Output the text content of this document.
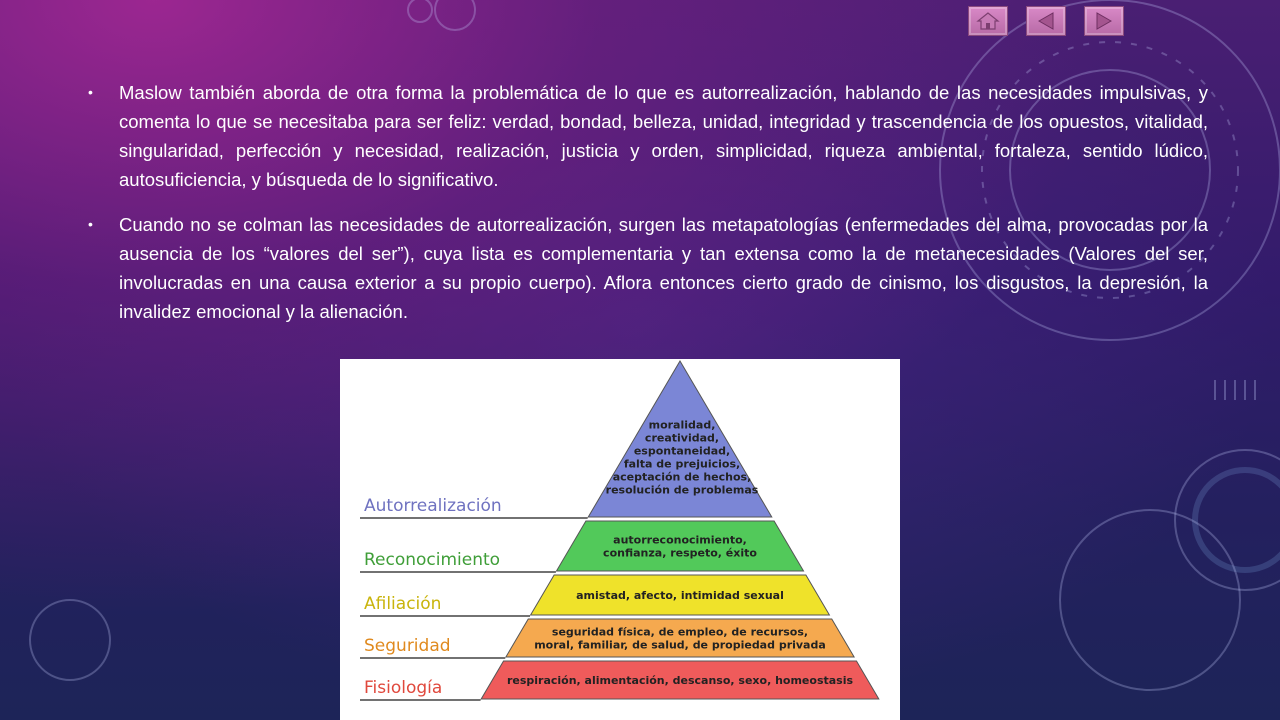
• Maslow también aborda de otra forma la problemática de lo que es autorrealización, hablando de las necesidades impulsivas, y comenta lo que se necesitaba para ser feliz: verdad, bondad, belleza, unidad, integridad y trascendencia de los opuestos, vitalidad, singularidad, perfección y necesidad, realización, justicia y orden, simplicidad, riqueza ambiental, fortaleza, sentido lúdico, autosuficiencia, y búsqueda de lo significativo.

• Cuando no se colman las necesidades de autorrealización, surgen las metapatologías (enfermedades del alma, provocadas por la ausencia de los “valores del ser”), cuya lista es complementaria y tan extensa como la de metanecesidades (Valores del ser, involucradas en una causa exterior a su propio cuerpo). Aflora entonces cierto grado de cinismo, los disgustos, la depresión, la invalidez emocional y la alienación.

Autorrealización
moralidad,
creatividad,
espontaneidad,
falta de prejuicios,
aceptación de hechos,
resolución de problemas
Reconocimiento
autorreconocimiento,
confianza, respeto, éxito
Afiliación	amistad, afecto, intimidad sexual
Seguridad
seguridad física, de empleo, de recursos,
moral, familiar, de salud, de propiedad privada
Fisiología	respiración, alimentación, descanso, sexo, homeostasis
